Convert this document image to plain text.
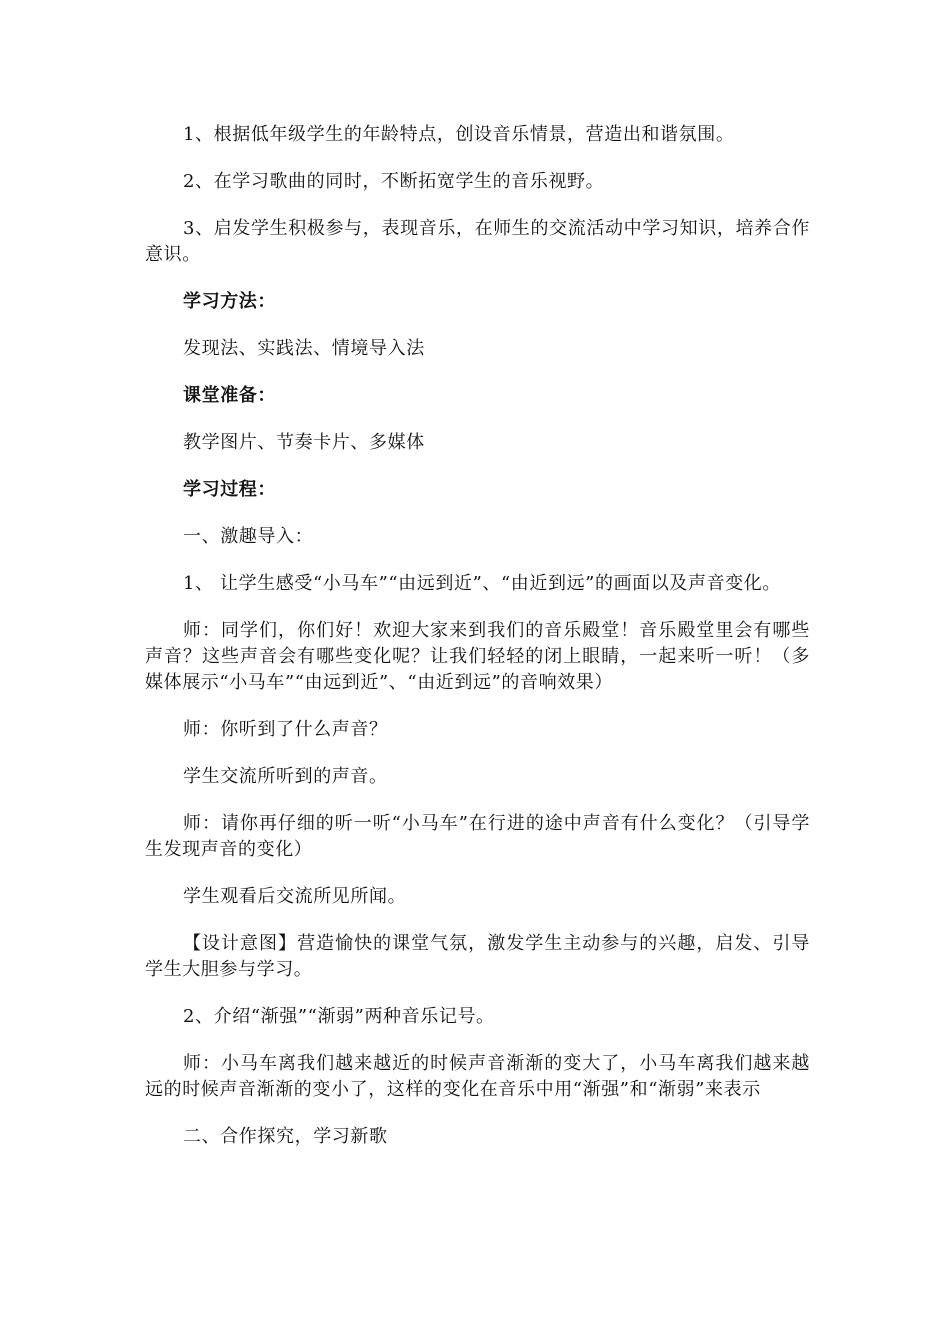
1、根据低年级学生的年龄特点，创设音乐情景，营造出和谐氛围。

2、在学习歌曲的同时，不断拓宽学生的音乐视野。

3、启发学生积极参与，表现音乐，在师生的交流活动中学习知识，培养合作意识。

学习方法：

发现法、实践法、情境导入法

课堂准备：

教学图片、节奏卡片、多媒体

学习过程：

一、激趣导入：

1、 让学生感受“小马车”“由远到近”、“由近到远”的画面以及声音变化。

师：同学们，你们好！欢迎大家来到我们的音乐殿堂！音乐殿堂里会有哪些声音？这些声音会有哪些变化呢？让我们轻轻的闭上眼睛，一起来听一听！（多媒体展示“小马车”“由远到近”、“由近到远”的音响效果）

师：你听到了什么声音？

学生交流所听到的声音。

师：请你再仔细的听一听“小马车”在行进的途中声音有什么变化？（引导学生发现声音的变化）

学生观看后交流所见所闻。

【设计意图】营造愉快的课堂气氛，激发学生主动参与的兴趣，启发、引导学生大胆参与学习。

2、介绍“渐强”“渐弱”两种音乐记号。

师：小马车离我们越来越近的时候声音渐渐的变大了，小马车离我们越来越远的时候声音渐渐的变小了，这样的变化在音乐中用“渐强”和“渐弱”来表示

二、合作探究，学习新歌
